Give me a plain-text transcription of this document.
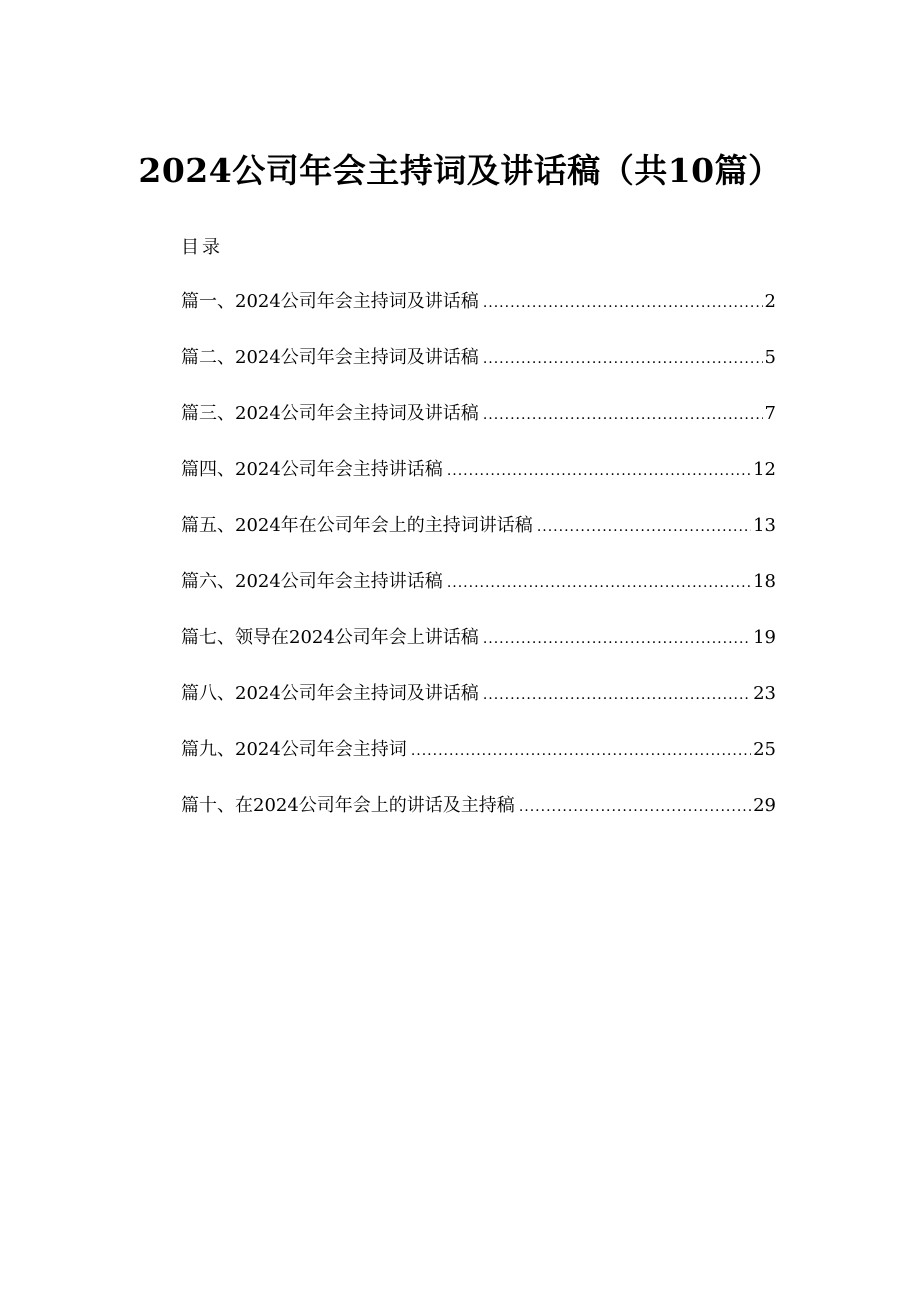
2024公司年会主持词及讲话稿（共10篇）
目录
篇一、2024公司年会主持词及讲话稿 .....	2
篇二、2024公司年会主持词及讲话稿 .....	5
篇三、2024公司年会主持词及讲话稿 .....	7
篇四、2024公司年会主持讲话稿 .....	12
篇五、2024年在公司年会上的主持词讲话稿 .....	13
篇六、2024公司年会主持讲话稿 .....	18
篇七、领导在2024公司年会上讲话稿 .....	19
篇八、2024公司年会主持词及讲话稿 .....	23
篇九、2024公司年会主持词 .....	25
篇十、在2024公司年会上的讲话及主持稿 .....	29
